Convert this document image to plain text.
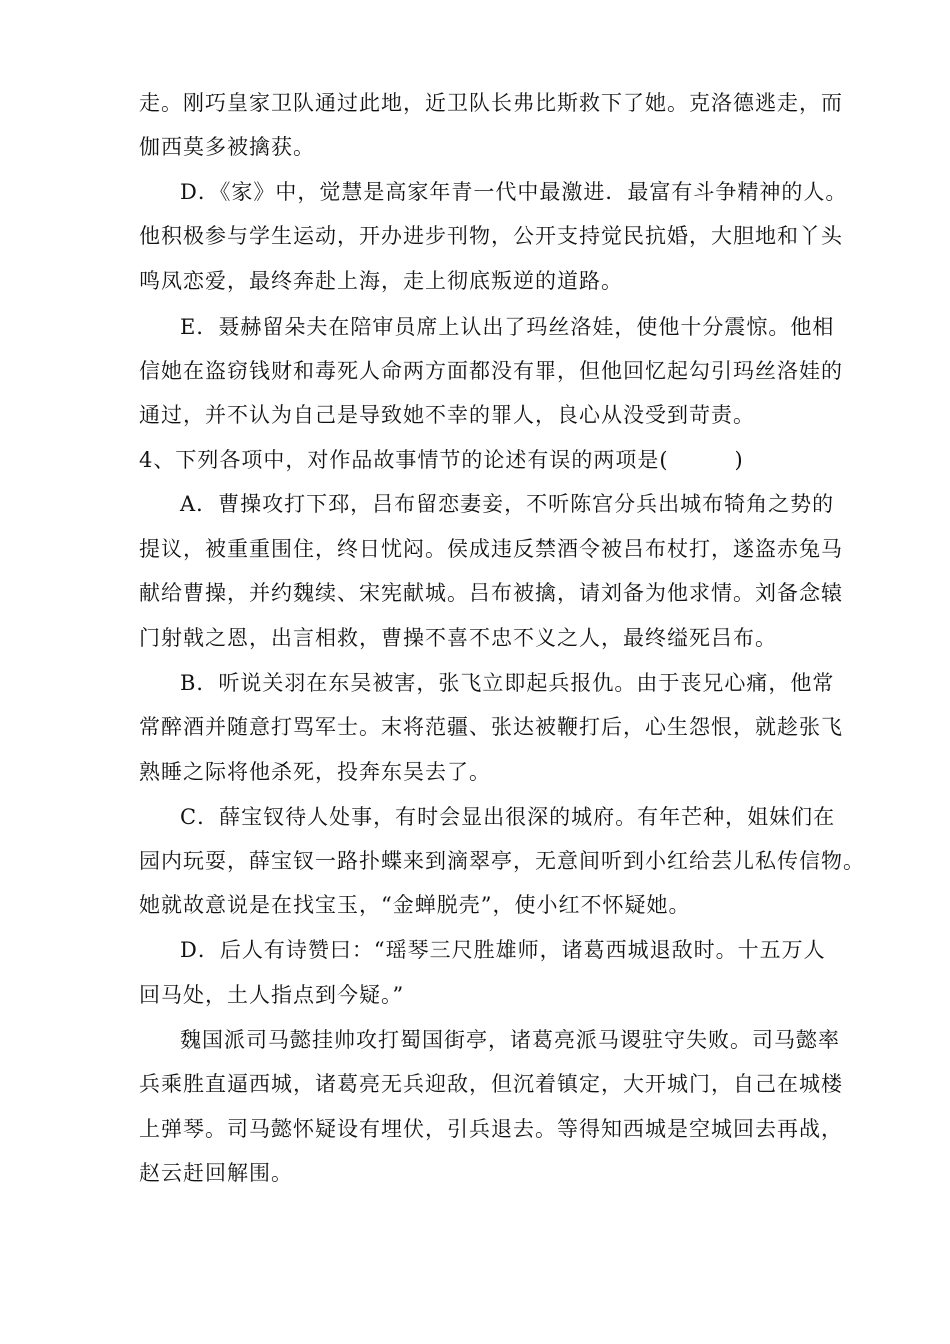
走。刚巧皇家卫队通过此地，近卫队长弗比斯救下了她。克洛德逃走，而
伽西莫多被擒获。
D．《家》中，觉慧是高家年青一代中最激进．最富有斗争精神的人。
他积极参与学生运动，开办进步刊物，公开支持觉民抗婚，大胆地和丫头
鸣凤恋爱，最终奔赴上海，走上彻底叛逆的道路。
E．聂赫留朵夫在陪审员席上认出了玛丝洛娃，使他十分震惊。他相
信她在盗窃钱财和毒死人命两方面都没有罪，但他回忆起勾引玛丝洛娃的
通过，并不认为自己是导致她不幸的罪人，良心从没受到苛责。
4、下列各项中，对作品故事情节的论述有误的两项是(　　　)
A．曹操攻打下邳，吕布留恋妻妾，不听陈宫分兵出城布犄角之势的
提议，被重重围住，终日忧闷。侯成违反禁酒令被吕布杖打，遂盗赤兔马
献给曹操，并约魏续、宋宪献城。吕布被擒，请刘备为他求情。刘备念辕
门射戟之恩，出言相救，曹操不喜不忠不义之人，最终缢死吕布。
B．听说关羽在东吴被害，张飞立即起兵报仇。由于丧兄心痛，他常
常醉酒并随意打骂军士。末将范疆、张达被鞭打后，心生怨恨，就趁张飞
熟睡之际将他杀死，投奔东吴去了。
C．薛宝钗待人处事，有时会显出很深的城府。有年芒种，姐妹们在
园内玩耍，薛宝钗一路扑蝶来到滴翠亭，无意间听到小红给芸儿私传信物。
她就故意说是在找宝玉，“金蝉脱壳”，使小红不怀疑她。
D．后人有诗赞曰：“瑶琴三尺胜雄师，诸葛西城退敌时。十五万人
回马处，土人指点到今疑。”
魏国派司马懿挂帅攻打蜀国街亭，诸葛亮派马谡驻守失败。司马懿率
兵乘胜直逼西城，诸葛亮无兵迎敌，但沉着镇定，大开城门，自己在城楼
上弹琴。司马懿怀疑设有埋伏，引兵退去。等得知西城是空城回去再战，
赵云赶回解围。
